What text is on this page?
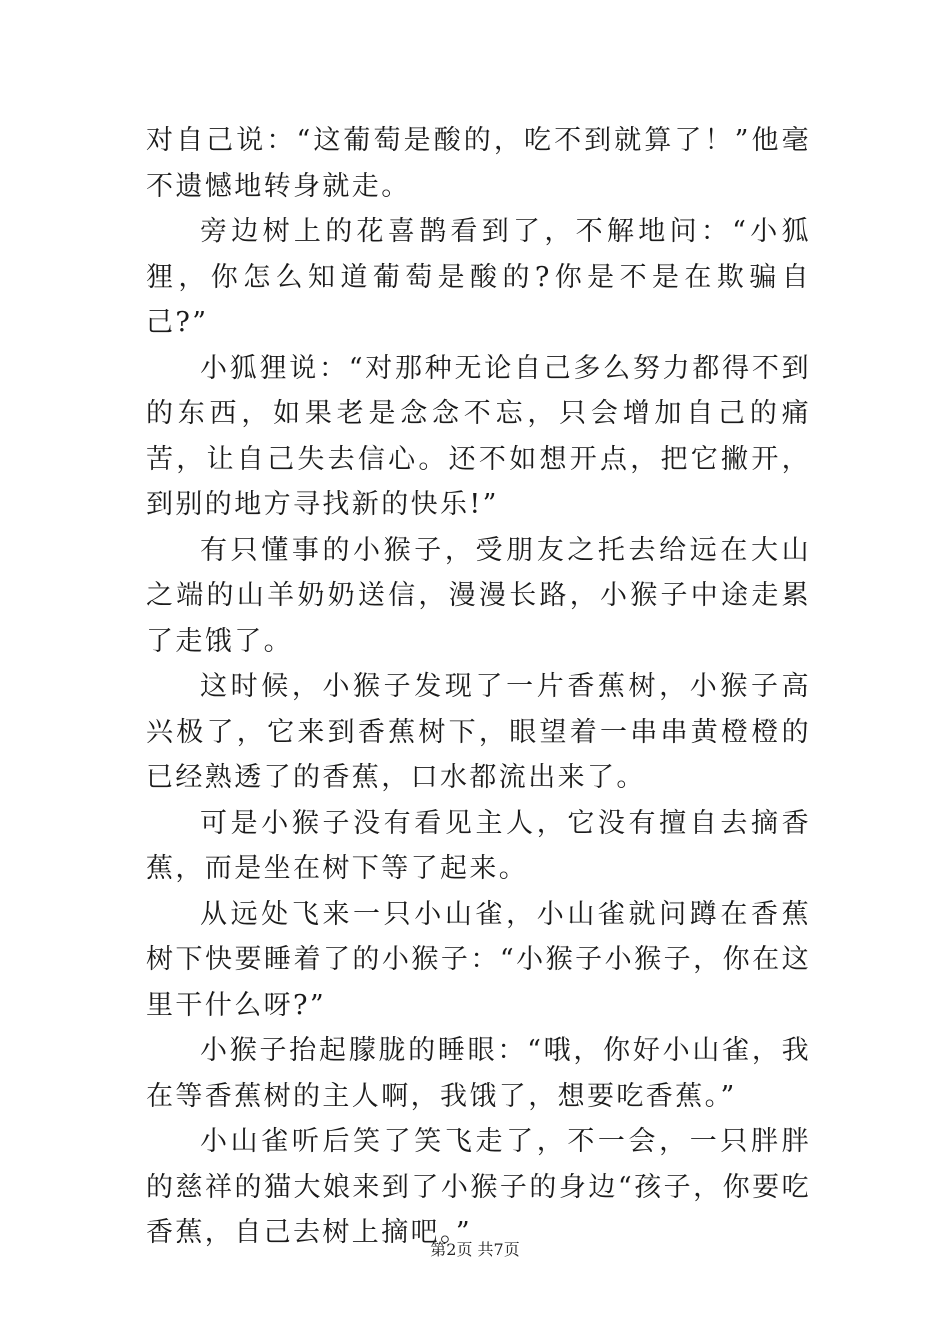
对自己说：“这葡萄是酸的，吃不到就算了！”他毫不遗憾地转身就走。

旁边树上的花喜鹊看到了，不解地问：“小狐狸，你怎么知道葡萄是酸的?你是不是在欺骗自己?”

小狐狸说：“对那种无论自己多么努力都得不到的东西，如果老是念念不忘，只会增加自己的痛苦，让自己失去信心。还不如想开点，把它撇开，到别的地方寻找新的快乐!”

有只懂事的小猴子，受朋友之托去给远在大山之端的山羊奶奶送信，漫漫长路，小猴子中途走累了走饿了。

这时候，小猴子发现了一片香蕉树，小猴子高兴极了，它来到香蕉树下，眼望着一串串黄橙橙的已经熟透了的香蕉，口水都流出来了。

可是小猴子没有看见主人，它没有擅自去摘香蕉，而是坐在树下等了起来。

从远处飞来一只小山雀，小山雀就问蹲在香蕉树下快要睡着了的小猴子：“小猴子小猴子，你在这里干什么呀?”

小猴子抬起朦胧的睡眼：“哦，你好小山雀，我在等香蕉树的主人啊，我饿了，想要吃香蕉。”

小山雀听后笑了笑飞走了，不一会，一只胖胖的慈祥的猫大娘来到了小猴子的身边“孩子，你要吃香蕉，自己去树上摘吧。”

第2页 共7页
